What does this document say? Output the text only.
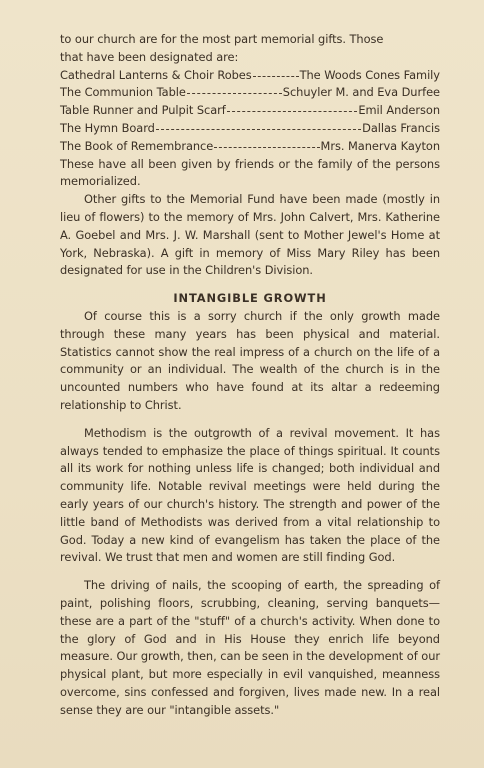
to our church are for the most part memorial gifts. Those

that have been designated are:

Cathedral Lanterns & Choir Robes	The Woods Cones Family

The Communion Table	Schuyler M. and Eva Durfee

Table Runner and Pulpit Scarf	Emil Anderson

The Hymn Board	Dallas Francis

The Book of Remembrance	Mrs. Manerva Kayton

These have all been given by friends or the family of the persons memorialized.

Other gifts to the Memorial Fund have been made (mostly in lieu of flowers) to the memory of Mrs. John Calvert, Mrs. Katherine A. Goebel and Mrs. J. W. Marshall (sent to Mother Jewel's Home at York, Nebraska). A gift in memory of Miss Mary Riley has been designated for use in the Children's Division.

INTANGIBLE GROWTH

Of course this is a sorry church if the only growth made through these many years has been physical and material. Statistics cannot show the real impress of a church on the life of a community or an individual. The wealth of the church is in the uncounted numbers who have found at its altar a redeeming relationship to Christ.

Methodism is the outgrowth of a revival movement. It has always tended to emphasize the place of things spiritual. It counts all its work for nothing unless life is changed; both individual and community life. Notable revival meetings were held during the early years of our church's history. The strength and power of the little band of Methodists was derived from a vital relationship to God. Today a new kind of evangelism has taken the place of the revival. We trust that men and women are still finding God.

The driving of nails, the scooping of earth, the spreading of paint, polishing floors, scrubbing, cleaning, serving banquets—these are a part of the "stuff" of a church's activity. When done to the glory of God and in His House they enrich life beyond measure. Our growth, then, can be seen in the development of our physical plant, but more especially in evil vanquished, meanness overcome, sins confessed and forgiven, lives made new. In a real sense they are our "intangible assets."
